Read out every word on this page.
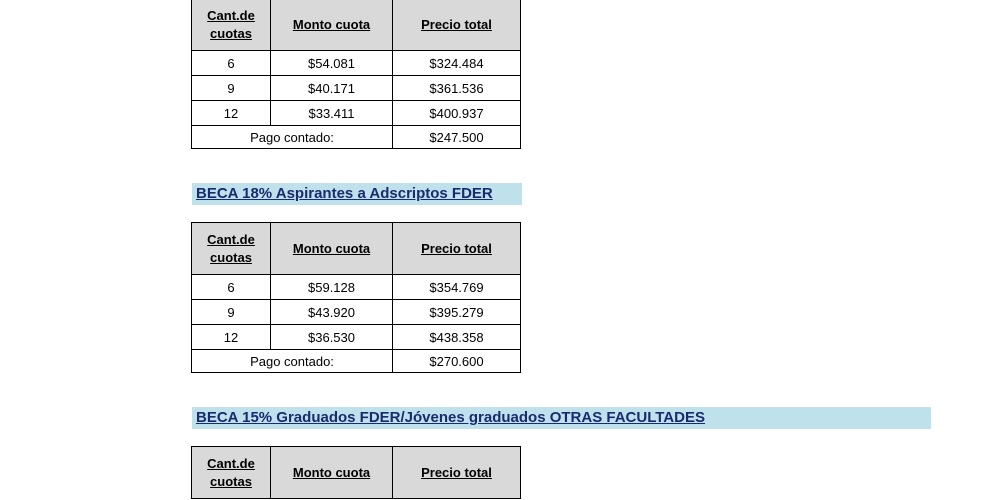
Cant.de cuotas	Monto cuota	Precio total
6	$54.081	$324.484
9	$40.171	$361.536
12	$33.411	$400.937
Pago contado:		$247.500
BECA 18% Aspirantes a Adscriptos FDER
Cant.de cuotas	Monto cuota	Precio total
6	$59.128	$354.769
9	$43.920	$395.279
12	$36.530	$438.358
Pago contado:		$270.600
BECA 15% Graduados FDER/Jóvenes graduados OTRAS FACULTADES
Cant.de cuotas	Monto cuota	Precio total
